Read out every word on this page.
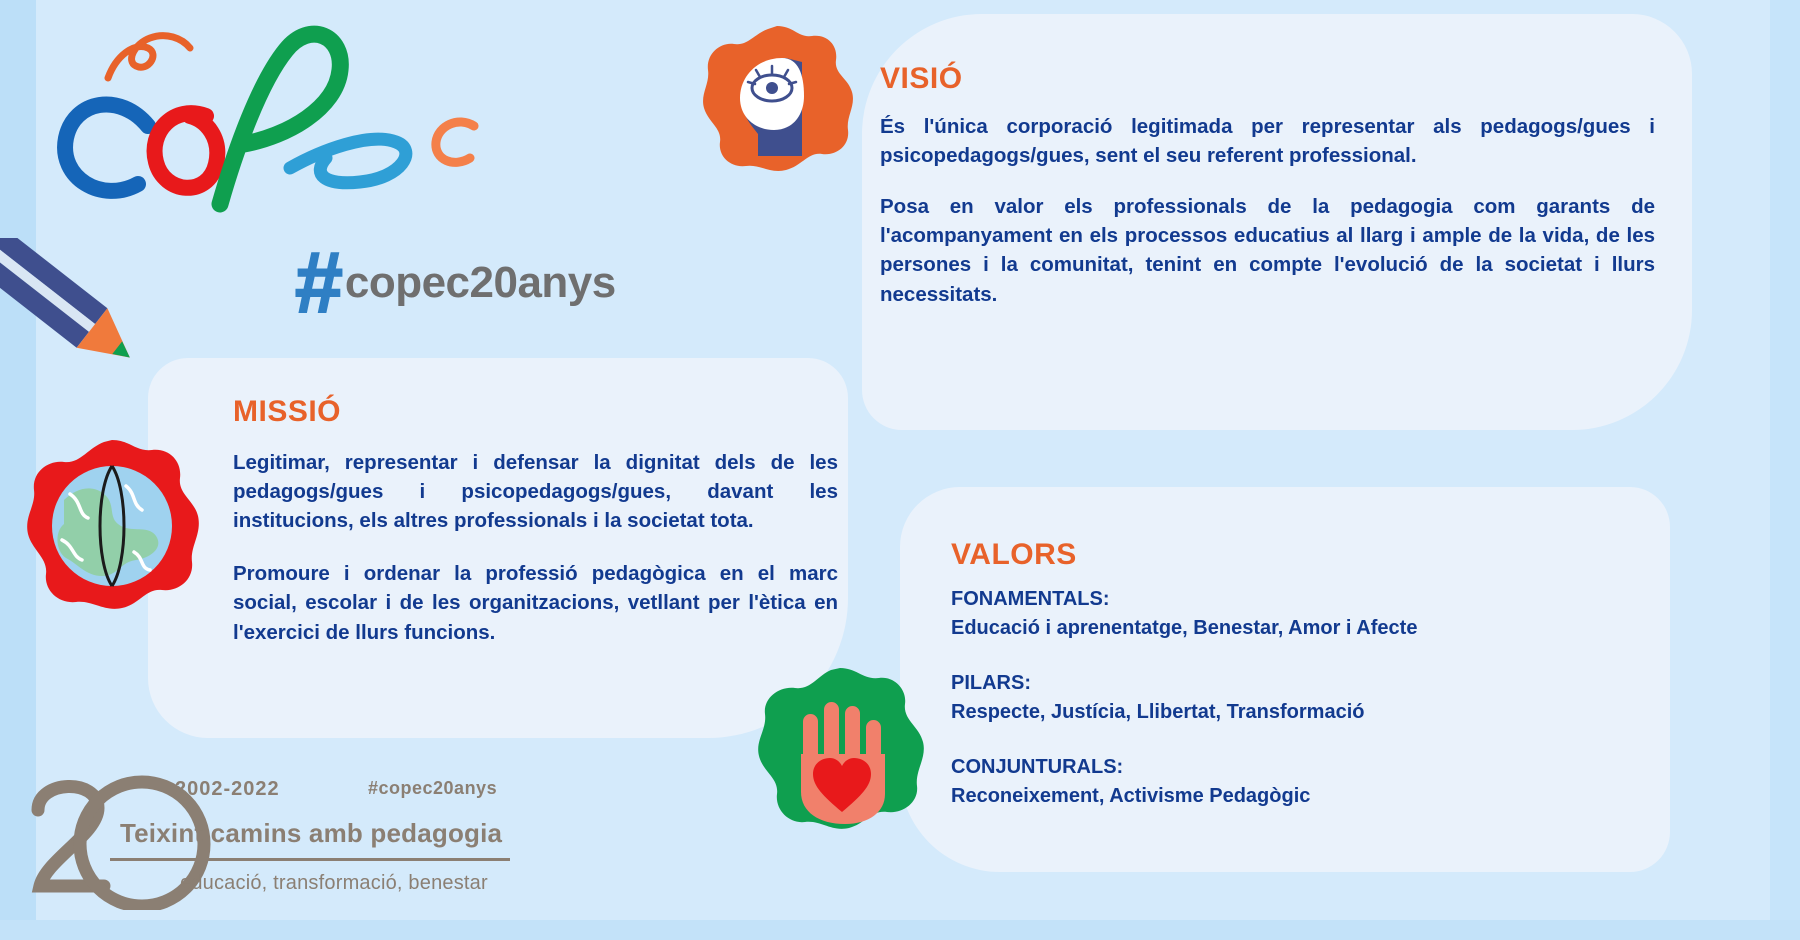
# copec20anys
VISIÓ

És l'única corporació legitimada per representar als pedagogs/gues i psicopedagogs/gues, sent el seu referent professional.

Posa en valor els professionals de la pedagogia com garants de l'acompanyament en els processos educatius al llarg i ample de la vida, de les persones i la comunitat, tenint en compte l'evolució de la societat i llurs necessitats.

MISSIÓ

Legitimar, representar i defensar la dignitat dels de les pedagogs/gues i psicopedagogs/gues, davant les institucions, els altres professionals i la societat tota.

Promoure i ordenar la professió pedagògica en el marc social, escolar i de les organitzacions, vetllant per l'ètica en l'exercici de llurs funcions.

VALORS
FONAMENTALS:
Educació i aprenentatge, Benestar, Amor i Afecte
PILARS:
Respecte, Justícia, Llibertat, Transformació
CONJUNTURALS:
Reconeixement, Activisme Pedagògic
2002-2022	#copec20anys
Teixint camins amb pedagogia
educació, transformació, benestar
